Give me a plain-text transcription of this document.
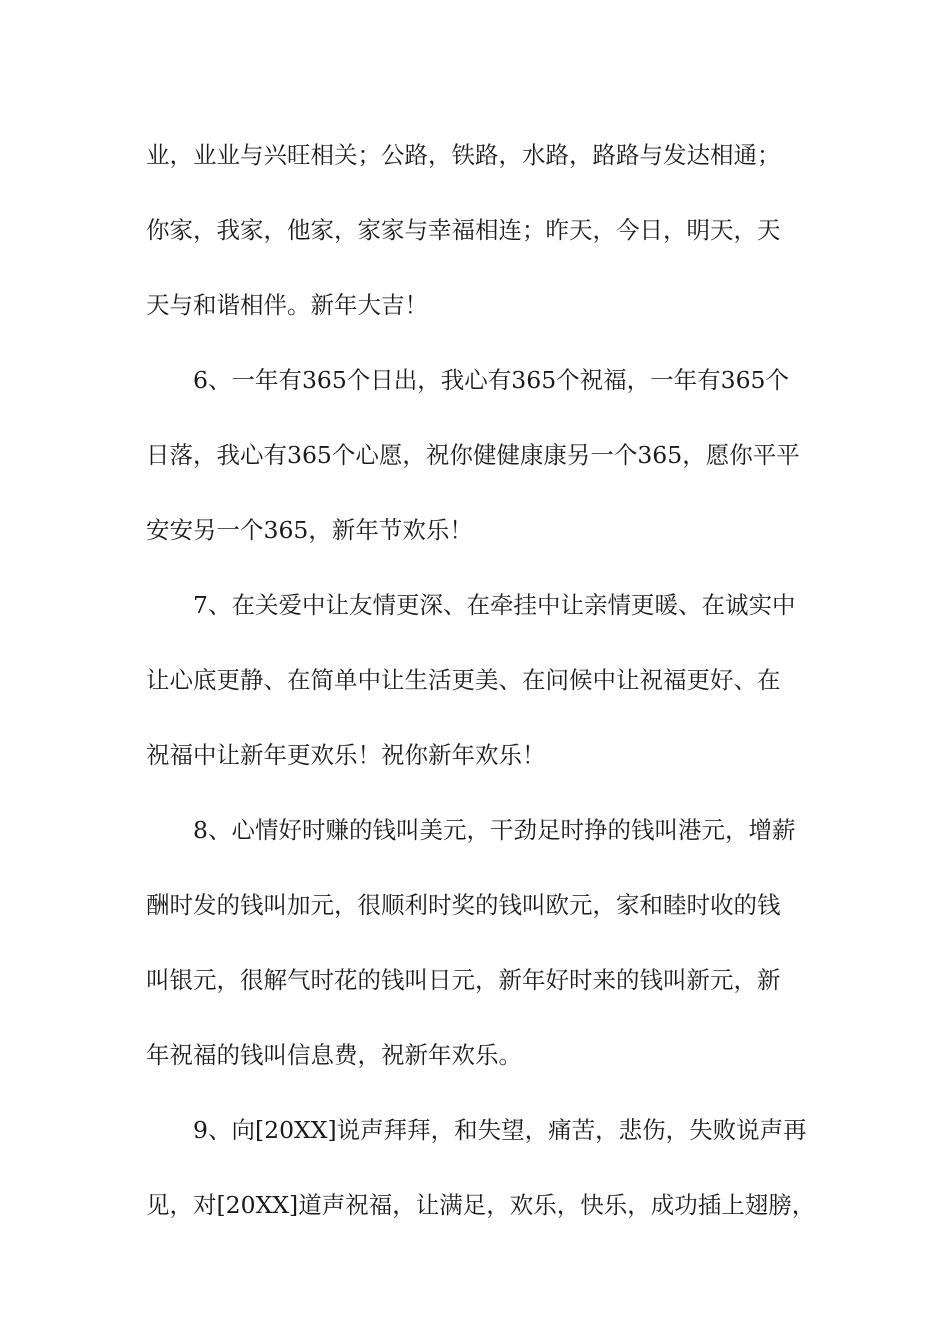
业，业业与兴旺相关；公路，铁路，水路，路路与发达相通；
你家，我家，他家，家家与幸福相连；昨天，今日，明天，天
天与和谐相伴。新年大吉！
6、一年有365个日出，我心有365个祝福，一年有365个
日落，我心有365个心愿，祝你健健康康另一个365，愿你平平
安安另一个365，新年节欢乐！
7、在关爱中让友情更深、在牵挂中让亲情更暖、在诚实中
让心底更静、在简单中让生活更美、在问候中让祝福更好、在
祝福中让新年更欢乐！祝你新年欢乐！
8、心情好时赚的钱叫美元，干劲足时挣的钱叫港元，增薪
酬时发的钱叫加元，很顺利时奖的钱叫欧元，家和睦时收的钱
叫银元，很解气时花的钱叫日元，新年好时来的钱叫新元，新
年祝福的钱叫信息费，祝新年欢乐。
9、向[20XX]说声拜拜，和失望，痛苦，悲伤，失败说声再
见，对[20XX]道声祝福，让满足，欢乐，快乐，成功插上翅膀，
